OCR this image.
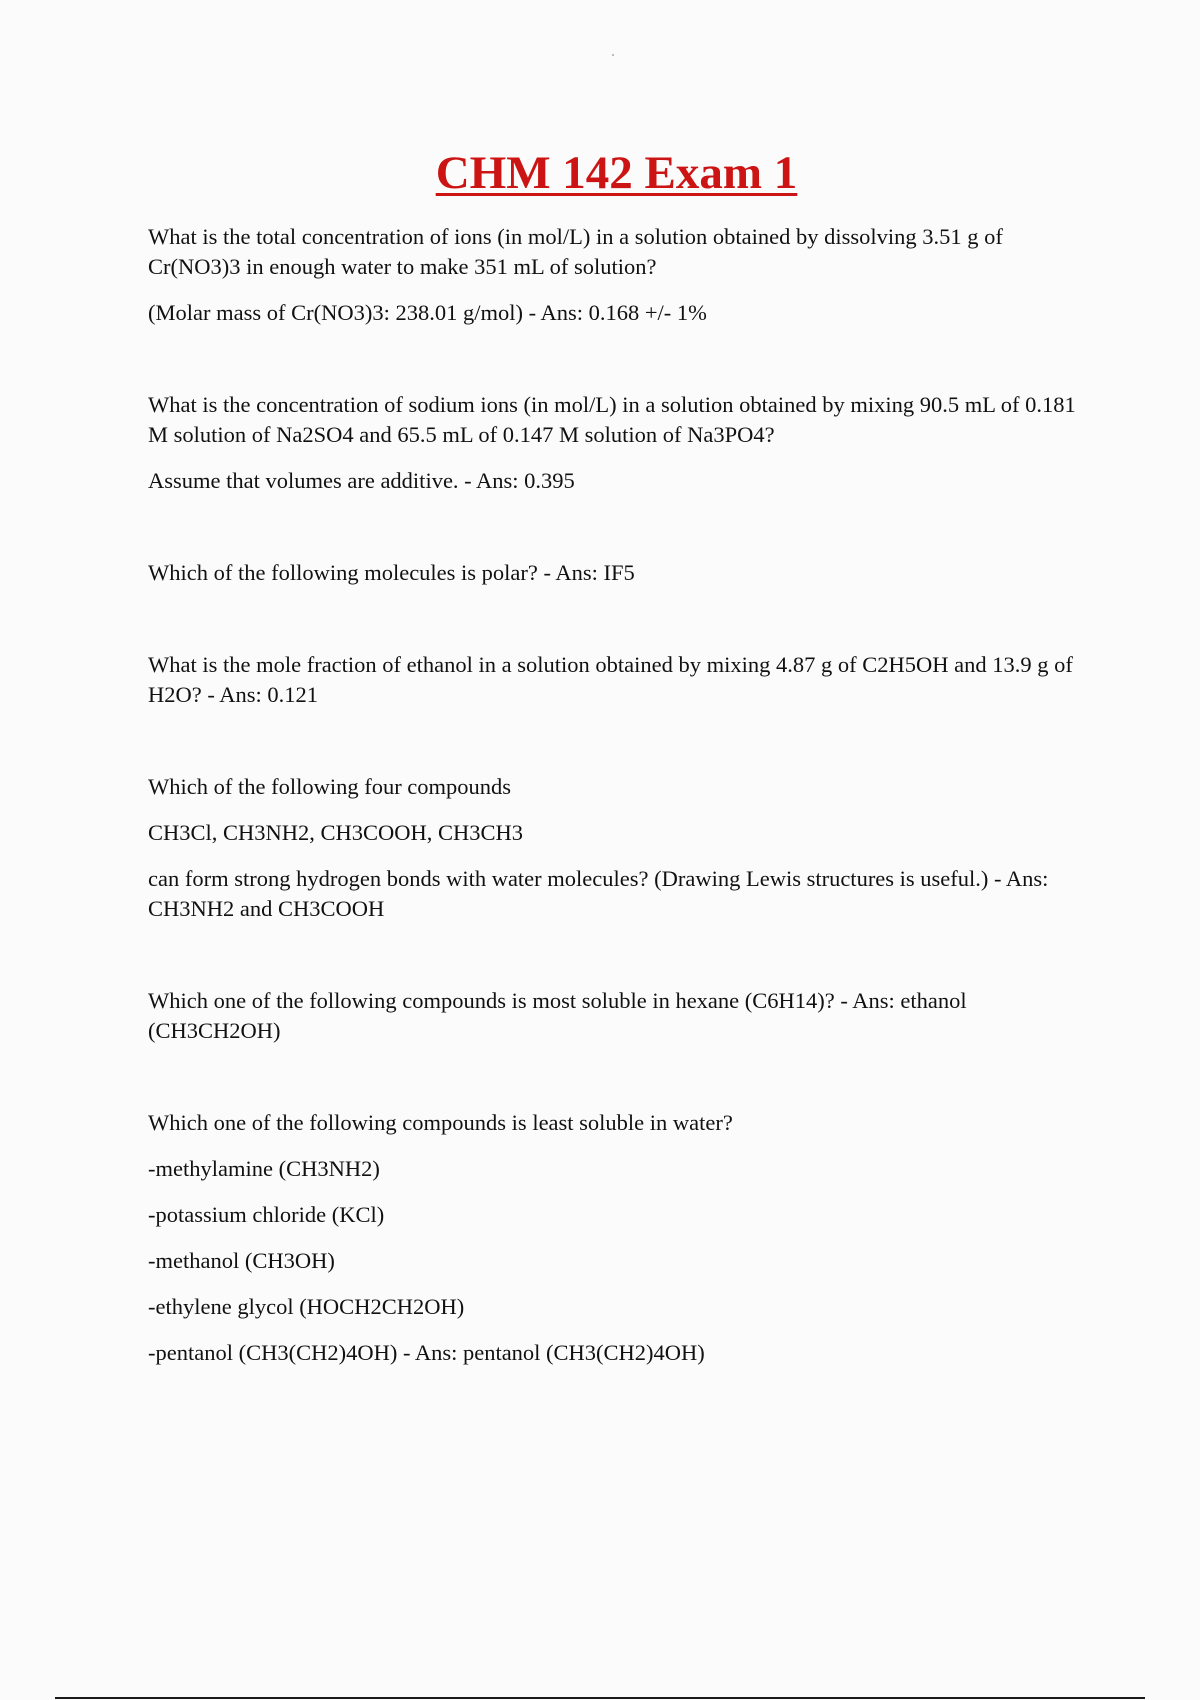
CHM 142 Exam 1

What is the total concentration of ions (in mol/L) in a solution obtained by dissolving 3.51 g of Cr(NO3)3 in enough water to make 351 mL of solution?

(Molar mass of Cr(NO3)3: 238.01 g/mol) - Ans: 0.168 +/- 1%

What is the concentration of sodium ions (in mol/L) in a solution obtained by mixing 90.5 mL of 0.181 M solution of Na2SO4 and 65.5 mL of 0.147 M solution of Na3PO4?

Assume that volumes are additive. - Ans: 0.395

Which of the following molecules is polar? - Ans: IF5

What is the mole fraction of ethanol in a solution obtained by mixing 4.87 g of C2H5OH and 13.9 g of H2O? - Ans: 0.121

Which of the following four compounds

CH3Cl, CH3NH2, CH3COOH, CH3CH3

can form strong hydrogen bonds with water molecules? (Drawing Lewis structures is useful.) - Ans: CH3NH2 and CH3COOH

Which one of the following compounds is most soluble in hexane (C6H14)? - Ans: ethanol (CH3CH2OH)

Which one of the following compounds is least soluble in water?

-methylamine (CH3NH2)

-potassium chloride (KCl)

-methanol (CH3OH)

-ethylene glycol (HOCH2CH2OH)

-pentanol (CH3(CH2)4OH) - Ans: pentanol (CH3(CH2)4OH)
